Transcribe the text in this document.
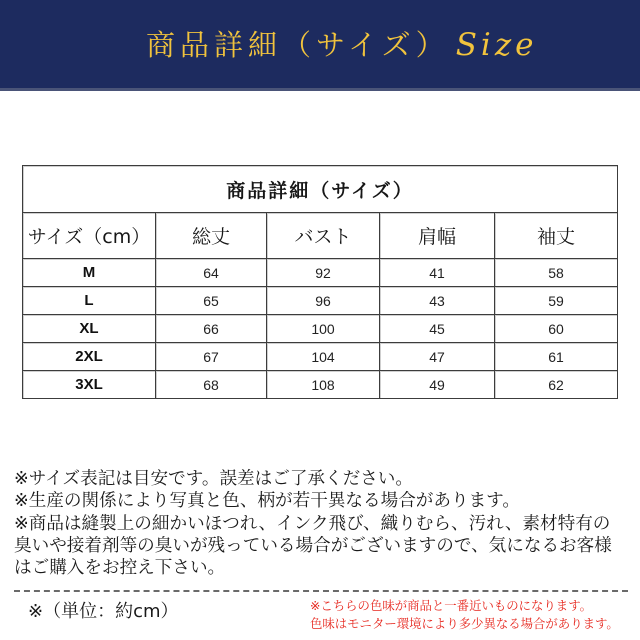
商品詳細（サイズ） Size
商品詳細（サイズ）				
サイズ（cm）	総丈	バスト	肩幅	袖丈
M	64	92	41	58
L	65	96	43	59
XL	66	100	45	60
2XL	67	104	47	61
3XL	68	108	49	62
※サイズ表記は目安です。誤差はご了承ください。
※生産の関係により写真と色、柄が若干異なる場合があります。
※商品は縫製上の細かいほつれ、インク飛び、織りむら、汚れ、素材特有の
臭いや接着剤等の臭いが残っている場合がございますので、気になるお客様
はご購入をお控え下さい。
※（単位：約cm）	※こちらの色味が商品と一番近いものになります。
色味はモニター環境により多少異なる場合があります。
